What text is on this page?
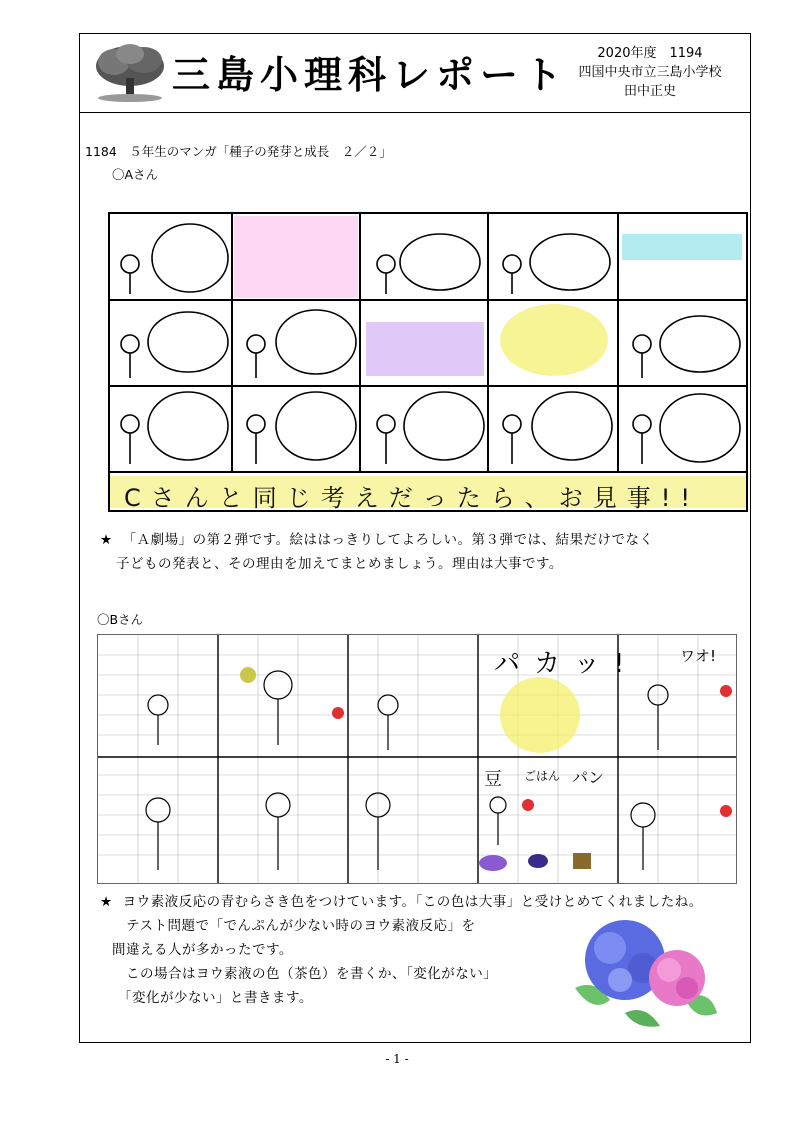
三島小理科レポート	2020年度　1194
四国中央市立三島小学校
田中正史
1184　５年生のマンガ「種子の発芽と成長　２／２」
〇Aさん
Cさんと同じ考えだったら、お見事!!
★ 「Ａ劇場」の第２弾です。絵ははっきりしてよろしい。第３弾では、結果だけでなく
子どもの発表と、その理由を加えてまとめましょう。理由は大事です。
〇Bさん
パカッ!	ワオ!
豆 ごはん パン
★ ヨウ素液反応の青むらさき色をつけています。「この色は大事」と受けとめてくれましたね。
テスト問題で「でんぷんが少ない時のヨウ素液反応」を
間違える人が多かったです。
この場合はヨウ素液の色（茶色）を書くか、「変化がない」
「変化が少ない」と書きます。
- 1 -
